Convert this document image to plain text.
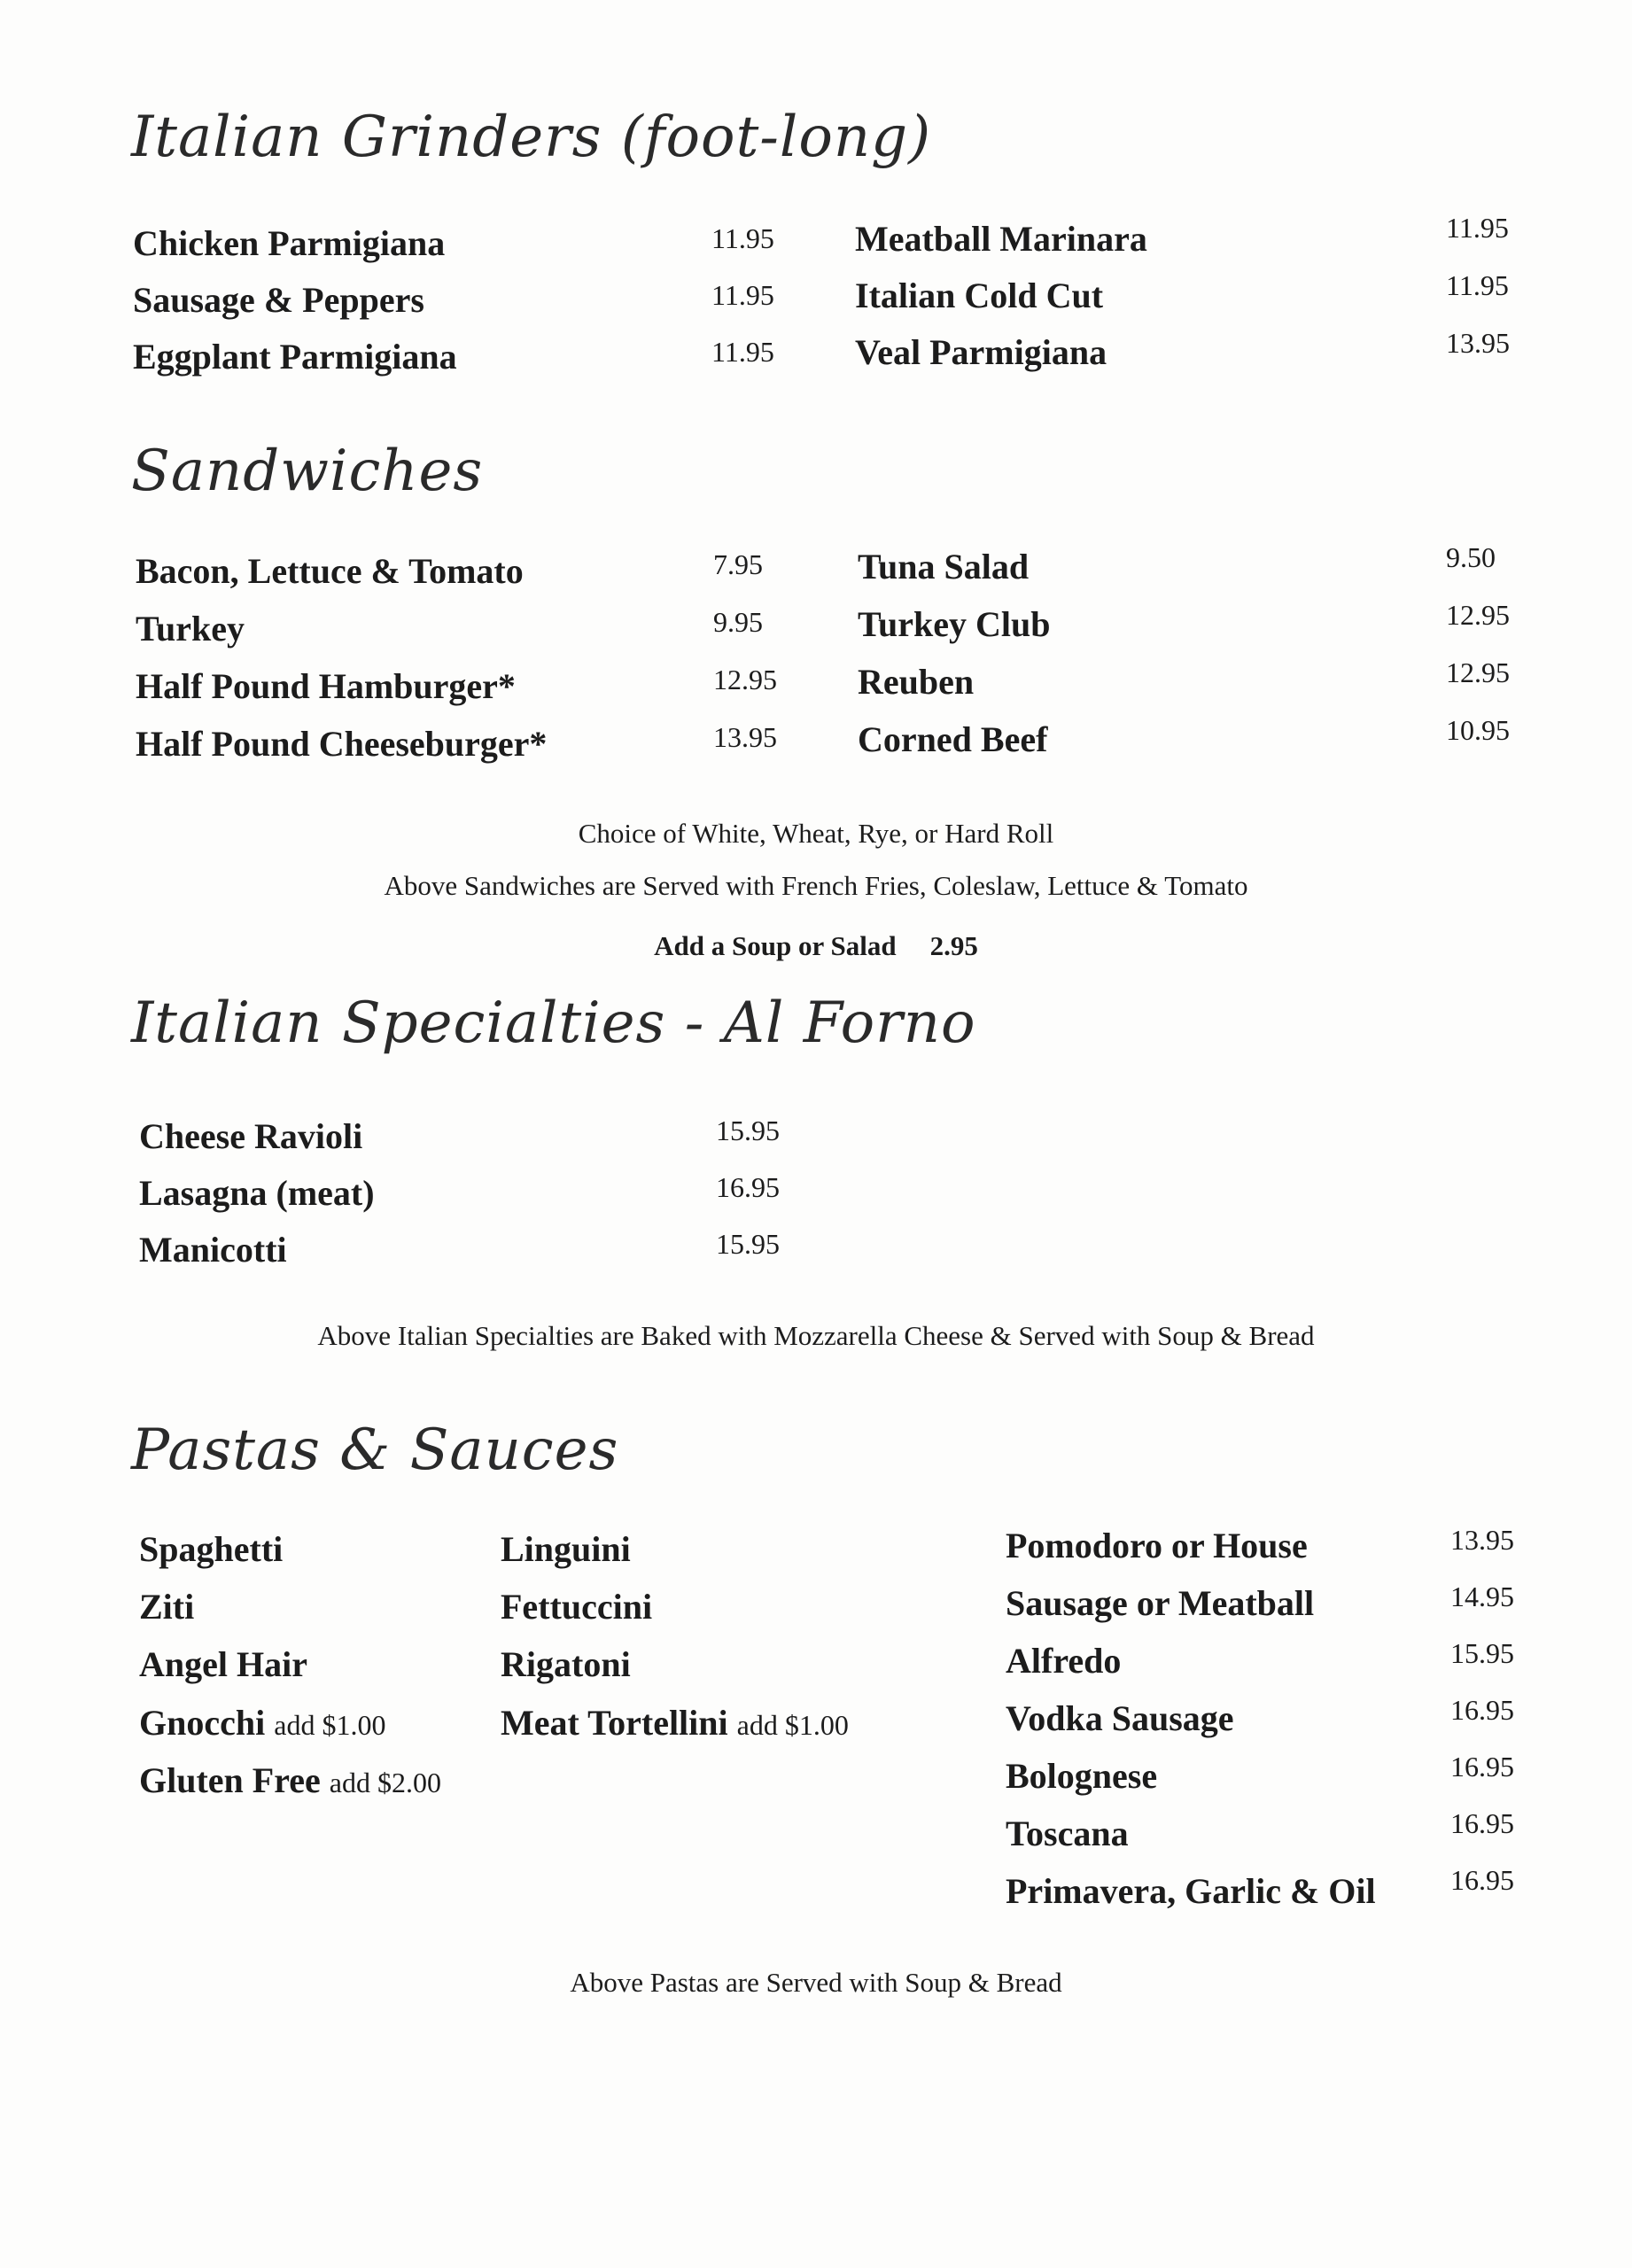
Italian Grinders (foot-long)
Chicken Parmigiana	11.95
Sausage & Peppers	11.95
Eggplant Parmigiana	11.95
Meatball Marinara	11.95
Italian Cold Cut	11.95
Veal Parmigiana	13.95
Sandwiches
Bacon, Lettuce & Tomato	7.95
Turkey	9.95
Half Pound Hamburger*	12.95
Half Pound Cheeseburger*	13.95
Tuna Salad	9.50
Turkey Club	12.95
Reuben	12.95
Corned Beef	10.95
Choice of White, Wheat, Rye, or Hard Roll
Above Sandwiches are Served with French Fries, Coleslaw, Lettuce & Tomato
Add a Soup or Salad 2.95
Italian Specialties - Al Forno
Cheese Ravioli	15.95
Lasagna (meat)	16.95
Manicotti	15.95
Above Italian Specialties are Baked with Mozzarella Cheese & Served with Soup & Bread
Pastas & Sauces
Spaghetti
Ziti
Angel Hair
Gnocchi add $1.00
Gluten Free add $2.00
Linguini
Fettuccini
Rigatoni
Meat Tortellini add $1.00
Pomodoro or House	13.95
Sausage or Meatball	14.95
Alfredo	15.95
Vodka Sausage	16.95
Bolognese	16.95
Toscana	16.95
Primavera, Garlic & Oil	16.95
Above Pastas are Served with Soup & Bread
